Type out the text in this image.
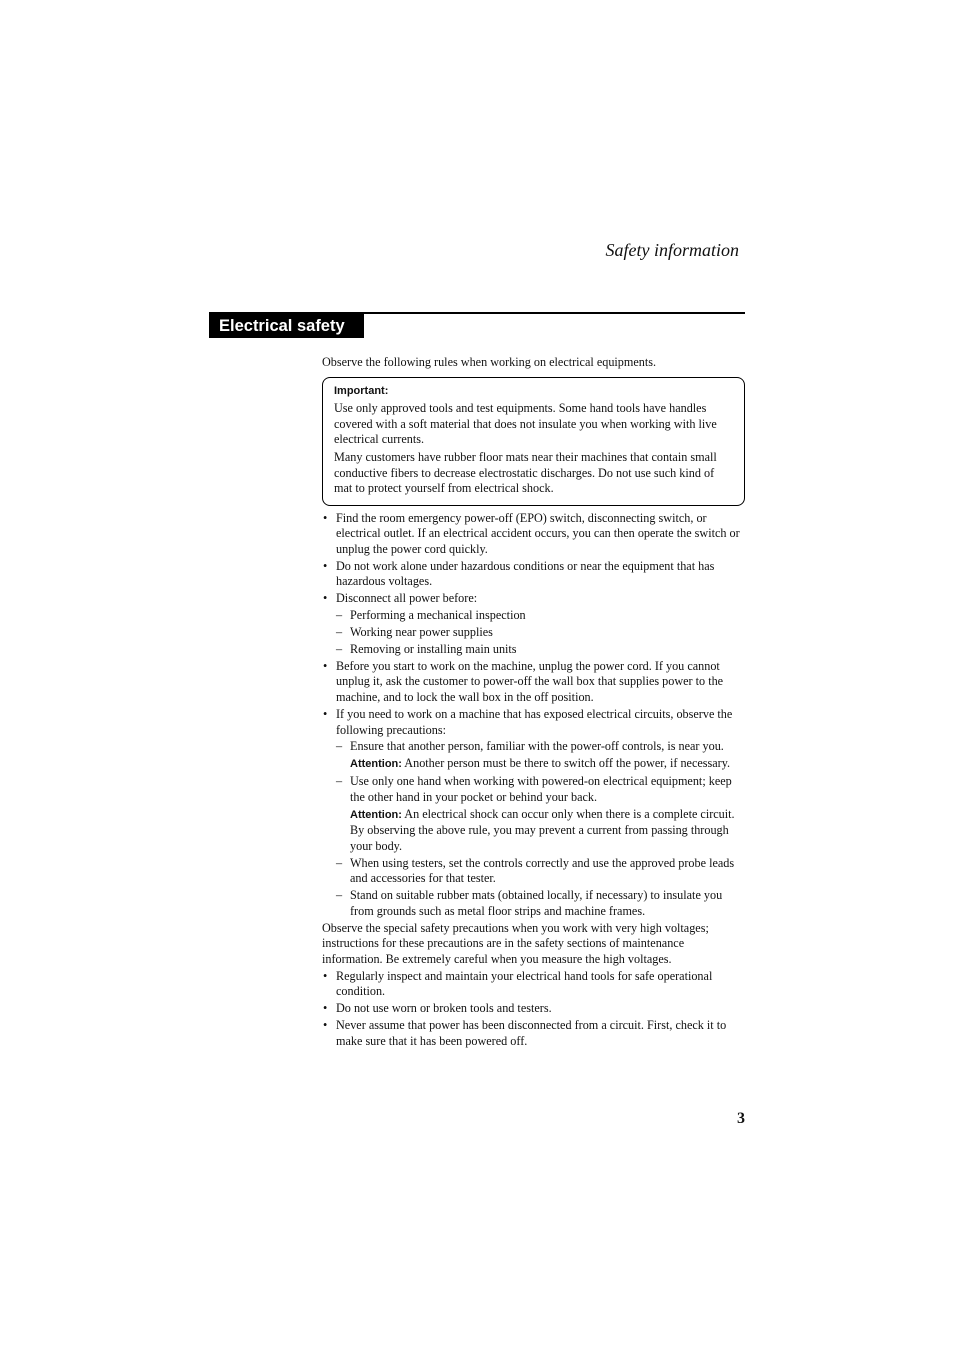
Safety information
Electrical safety

Observe the following rules when working on electrical equipments.

Important:

Use only approved tools and test equipments. Some hand tools have handles covered with a soft material that does not insulate you when working with live electrical currents.

Many customers have rubber floor mats near their machines that contain small conductive fibers to decrease electrostatic discharges. Do not use such kind of mat to protect yourself from electrical shock.

• Find the room emergency power-off (EPO) switch, disconnecting switch, or electrical outlet. If an electrical accident occurs, you can then operate the switch or unplug the power cord quickly.
• Do not work alone under hazardous conditions or near the equipment that has hazardous voltages.
• Disconnect all power before:
– Performing a mechanical inspection
– Working near power supplies
– Removing or installing main units
• Before you start to work on the machine, unplug the power cord. If you cannot unplug it, ask the customer to power-off the wall box that supplies power to the machine, and to lock the wall box in the off position.
• If you need to work on a machine that has exposed electrical circuits, observe the following precautions:
– Ensure that another person, familiar with the power-off controls, is near you.
Attention: Another person must be there to switch off the power, if necessary.
– Use only one hand when working with powered-on electrical equipment; keep the other hand in your pocket or behind your back.
Attention: An electrical shock can occur only when there is a complete circuit. By observing the above rule, you may prevent a current from passing through your body.
– When using testers, set the controls correctly and use the approved probe leads and accessories for that tester.
– Stand on suitable rubber mats (obtained locally, if necessary) to insulate you from grounds such as metal floor strips and machine frames.

Observe the special safety precautions when you work with very high voltages; instructions for these precautions are in the safety sections of maintenance information. Be extremely careful when you measure the high voltages.

• Regularly inspect and maintain your electrical hand tools for safe operational condition.
• Do not use worn or broken tools and testers.
• Never assume that power has been disconnected from a circuit. First, check it to make sure that it has been powered off.
3
